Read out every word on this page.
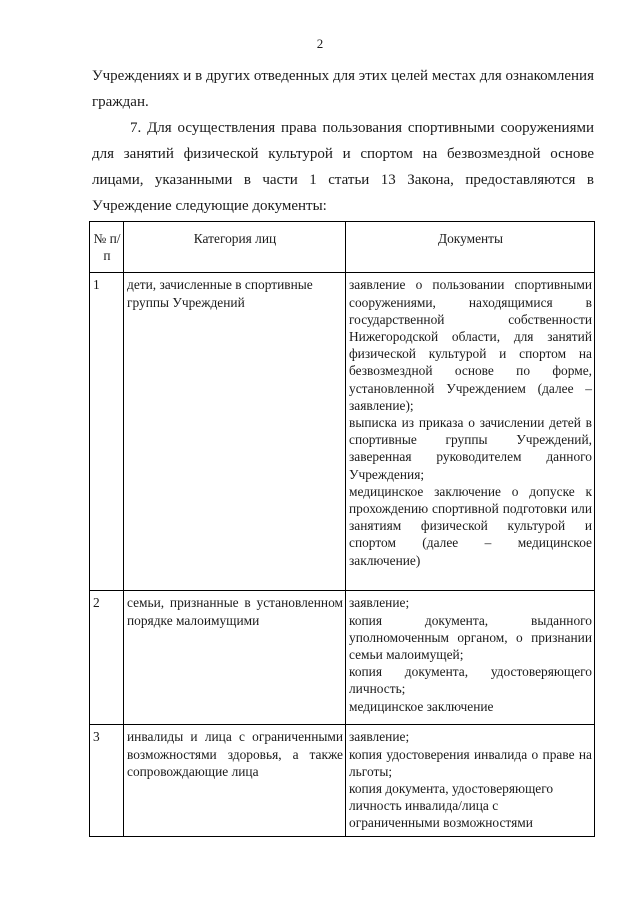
2
Учреждениях и в других отведенных для этих целей местах для ознакомления граждан.
7. Для осуществления права пользования спортивными сооружениями для занятий физической культурой и спортом на безвозмездной основе лицами, указанными в части 1 статьи 13 Закона, предоставляются в Учреждение следующие документы:
№ п/п	Категория лиц	Документы
1	дети, зачисленные в спортивные группы Учреждений	заявление о пользовании спортивными сооружениями, находящимися в государственной собственности Нижегородской области, для занятий физической культурой и спортом на безвозмездной основе по форме, установленной Учреждением (далее – заявление);
выписка из приказа о зачислении детей в спортивные группы Учреждений, заверенная руководителем данного Учреждения;
медицинское заключение о допуске к прохождению спортивной подготовки или занятиям физической культурой и спортом (далее – медицинское заключение)

2	семьи, признанные в установленном порядке малоимущими	заявление;
копия документа, выданного уполномоченным органом, о признании семьи малоимущей;
копия документа, удостоверяющего личность;
медицинское заключение

3	инвалиды и лица с ограниченными возможностями здоровья, а также сопровождающие лица	заявление;
копия удостоверения инвалида о праве на льготы;
копия документа, удостоверяющего личность инвалида/лица с ограниченными возможностями
